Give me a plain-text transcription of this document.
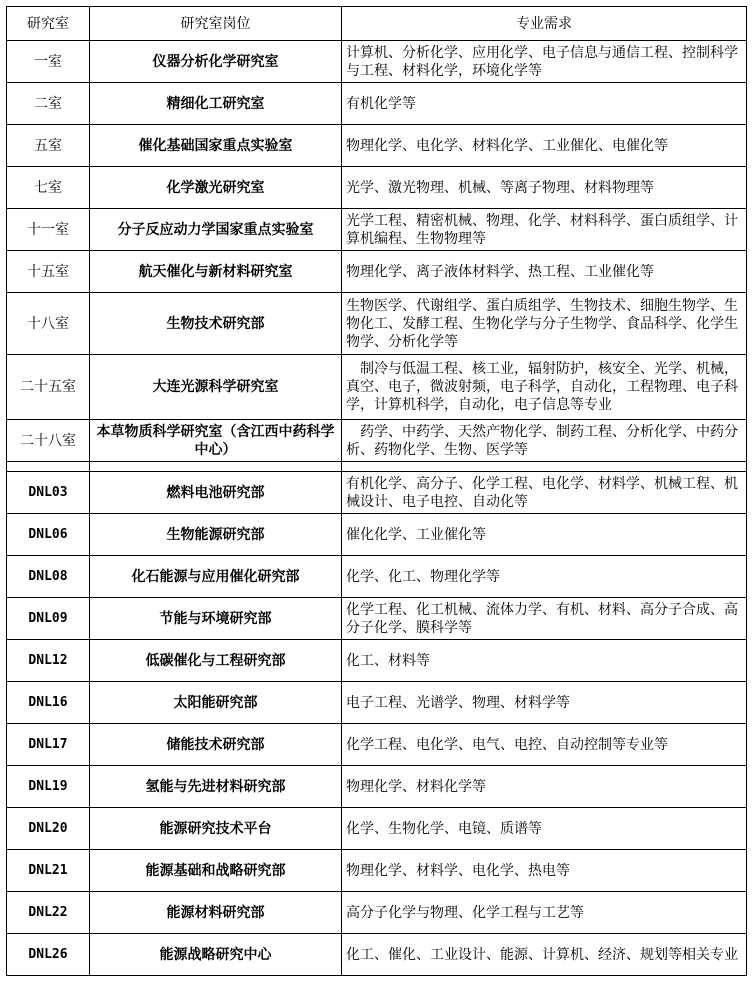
研究室	研究室岗位	专业需求
一室	仪器分析化学研究室	计算机、分析化学、应用化学、电子信息与通信工程、控制科学与工程、材料化学，环境化学等
二室	精细化工研究室	有机化学等
五室	催化基础国家重点实验室	物理化学、电化学、材料化学、工业催化、电催化等
七室	化学激光研究室	光学、激光物理、机械、等离子物理、材料物理等
十一室	分子反应动力学国家重点实验室	光学工程、精密机械、物理、化学、材料科学、蛋白质组学、计算机编程、生物物理等
十五室	航天催化与新材料研究室	物理化学、离子液体材料学、热工程、工业催化等
十八室	生物技术研究部	生物医学、代谢组学、蛋白质组学、生物技术、细胞生物学、生物化工、发酵工程、生物化学与分子生物学、食品科学、化学生物学、分析化学等
二十五室	大连光源科学研究室	　制冷与低温工程、核工业，辐射防护，核安全、光学、机械，真空、电子，微波射频，电子科学，自动化，工程物理、电子科学，计算机科学，自动化，电子信息等专业
二十八室	本草物质科学研究室（含江西中药科学中心）	　药学、中药学、天然产物化学、制药工程、分析化学、中药分析、药物化学、生物、医学等

DNL03	燃料电池研究部	有机化学、高分子、化学工程、电化学、材料学、机械工程、机械设计、电子电控、自动化等
DNL06	生物能源研究部	催化化学、工业催化等
DNL08	化石能源与应用催化研究部	化学、化工、物理化学等
DNL09	节能与环境研究部	化学工程、化工机械、流体力学、有机、材料、高分子合成、高分子化学、膜科学等
DNL12	低碳催化与工程研究部	化工、材料等
DNL16	太阳能研究部	电子工程、光谱学、物理、材料学等
DNL17	储能技术研究部	化学工程、电化学、电气、电控、自动控制等专业等
DNL19	氢能与先进材料研究部	物理化学、材料化学等
DNL20	能源研究技术平台	化学、生物化学、电镜、质谱等
DNL21	能源基础和战略研究部	物理化学、材料学、电化学、热电等
DNL22	能源材料研究部	高分子化学与物理、化学工程与工艺等
DNL26	能源战略研究中心	化工、催化、工业设计、能源、计算机、经济、规划等相关专业
